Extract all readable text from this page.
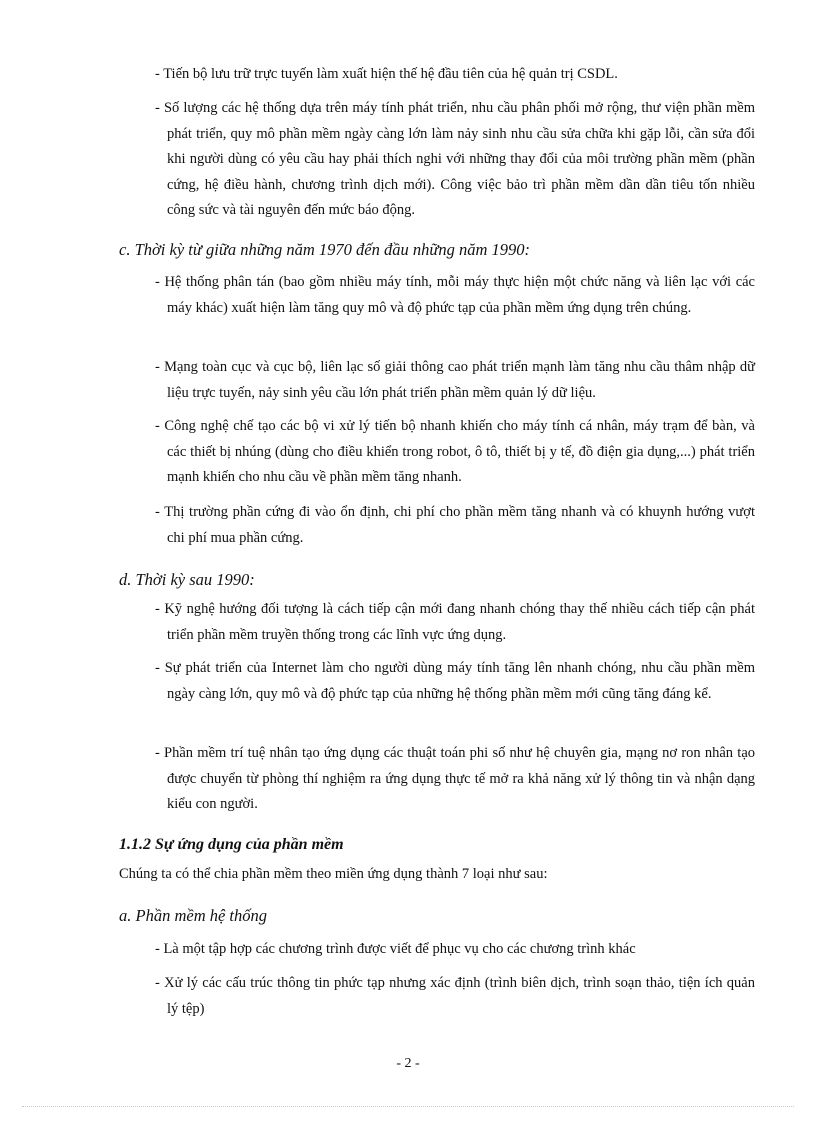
- Tiến bộ lưu trữ trực tuyến làm xuất hiện thế hệ đầu tiên của hệ quản trị CSDL.

- Số lượng các hệ thống dựa trên máy tính phát triển, nhu cầu phân phối mở rộng, thư viện phần mềm phát triển, quy mô phần mềm ngày càng lớn làm nảy sinh nhu cầu sửa chữa khi gặp lỗi, cần sửa đổi khi người dùng có yêu cầu hay phải thích nghi với những thay đổi của môi trường phần mềm (phần cứng, hệ điều hành, chương trình dịch mới). Công việc bảo trì phần mềm dần dần tiêu tốn nhiều công sức và tài nguyên đến mức báo động.

c. Thời kỳ từ giữa những năm 1970 đến đầu những năm 1990:

- Hệ thống phân tán (bao gồm nhiều máy tính, mỗi máy thực hiện một chức năng và liên lạc với các máy khác) xuất hiện làm tăng quy mô và độ phức tạp của phần mềm ứng dụng trên chúng.

- Mạng toàn cục và cục bộ, liên lạc số giải thông cao phát triển mạnh làm tăng nhu cầu thâm nhập dữ liệu trực tuyến, nảy sinh yêu cầu lớn phát triển phần mềm quản lý dữ liệu.

- Công nghệ chế tạo các bộ vi xử lý tiến bộ nhanh khiến cho máy tính cá nhân, máy trạm để bàn, và các thiết bị nhúng (dùng cho điều khiển trong robot, ô tô, thiết bị y tế, đồ điện gia dụng,...) phát triển mạnh khiến cho nhu cầu về phần mềm tăng nhanh.

- Thị trường phần cứng đi vào ổn định, chi phí cho phần mềm tăng nhanh và có khuynh hướng vượt chi phí mua phần cứng.

d. Thời kỳ sau 1990:

- Kỹ nghệ hướng đối tượng là cách tiếp cận mới đang nhanh chóng thay thế nhiều cách tiếp cận phát triển phần mềm truyền thống trong các lĩnh vực ứng dụng.

- Sự phát triển của Internet làm cho người dùng máy tính tăng lên nhanh chóng, nhu cầu phần mềm ngày càng lớn, quy mô và độ phức tạp của những hệ thống phần mềm mới cũng tăng đáng kể.

- Phần mềm trí tuệ nhân tạo ứng dụng các thuật toán phi số như hệ chuyên gia, mạng nơ ron nhân tạo được chuyển từ phòng thí nghiệm ra ứng dụng thực tế mở ra khả năng xử lý thông tin và nhận dạng kiểu con người.

1.1.2 Sự ứng dụng của phần mềm
Chúng ta có thể chia phần mềm theo miền ứng dụng thành 7 loại như sau:
a. Phần mềm hệ thống

- Là một tập hợp các chương trình được viết để phục vụ cho các chương trình khác

- Xử lý các cấu trúc thông tin phức tạp nhưng xác định (trình biên dịch, trình soạn thảo, tiện ích quản lý tệp)

- 2 -
